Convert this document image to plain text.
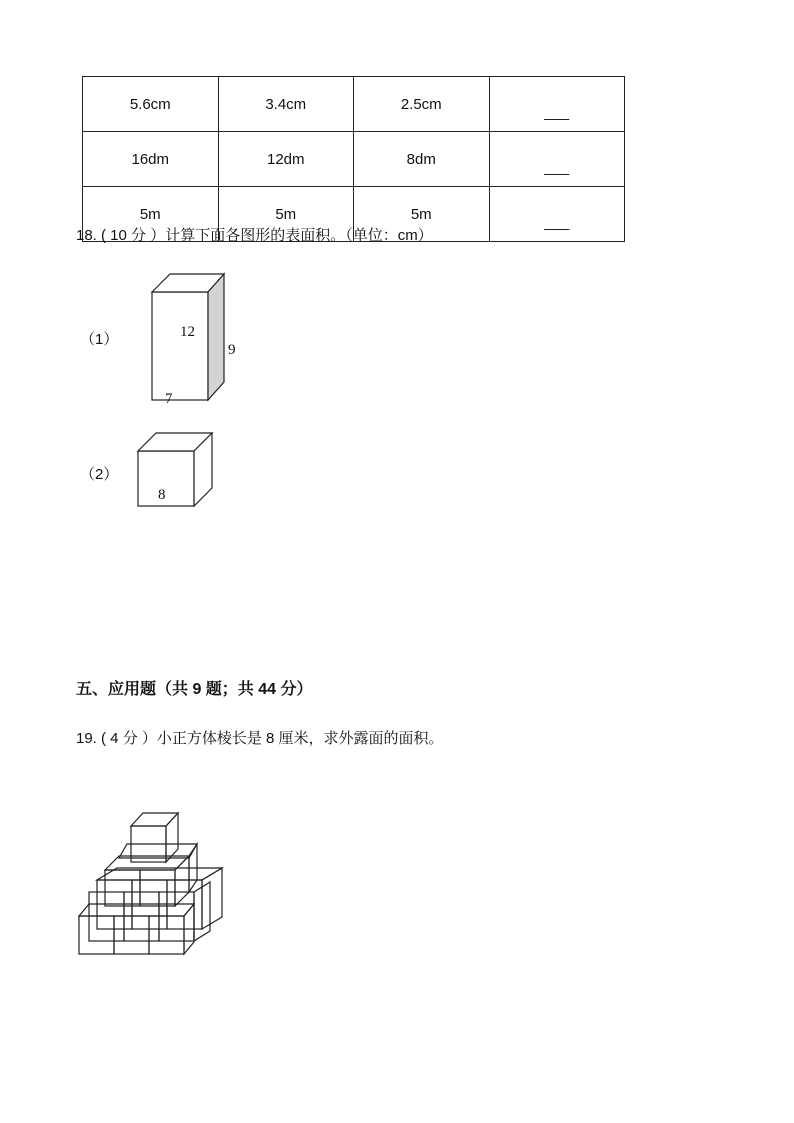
5.6cm	3.4cm	2.5cm	___
16dm	12dm	8dm	___
5m	5m	5m	___
18. ( 10 分 ）计算下面各图形的表面积。（单位：cm）
（1）	12
9
7
（2）
8
五、应用题（共 9 题；共 44 分）
19. ( 4 分 ）小正方体棱长是 8 厘米，求外露面的面积。
